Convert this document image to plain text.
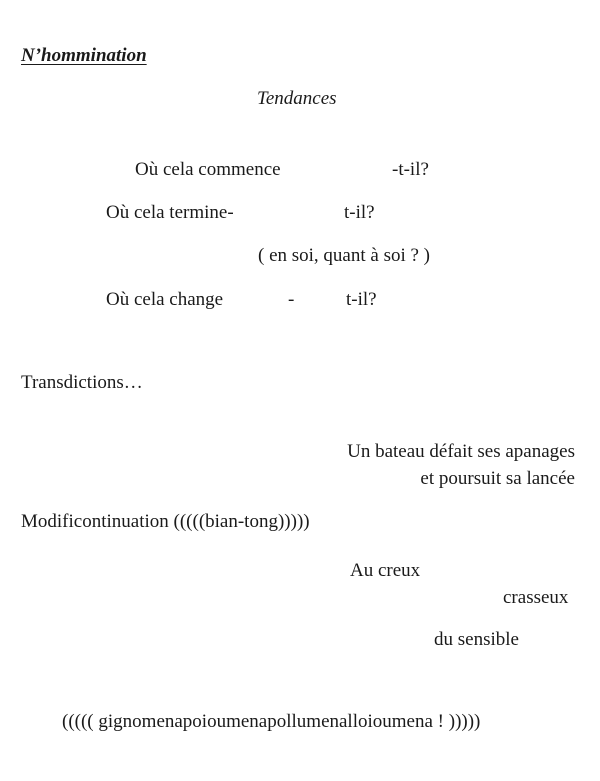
N’hommination
Tendances
Où cela commence	-t-il?
Où cela termine-	t-il?
( en soi, quant à soi ? )
Où cela change	-	t-il?
Transdictions…
Un bateau défait ses apanages
et poursuit sa lancée
Modificontinuation (((((bian-tong)))))
Au creux
crasseux
du sensible
((((( gignomenapoioumenapollumenalloioumena ! )))))
